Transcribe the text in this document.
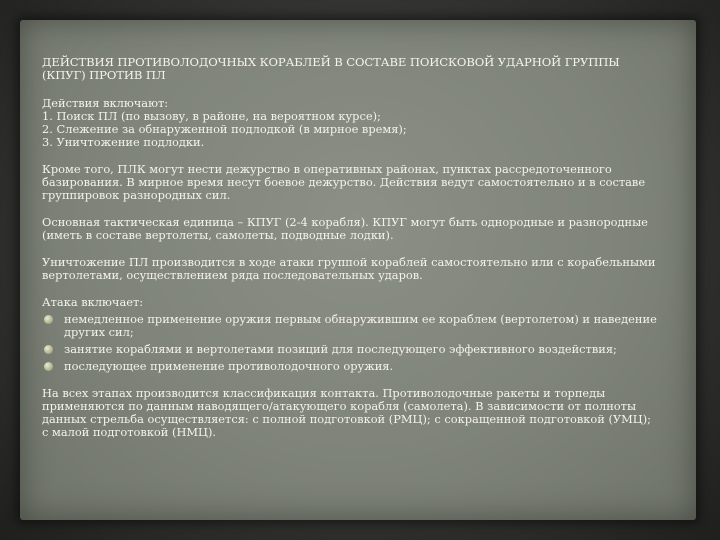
ДЕЙСТВИЯ ПРОТИВОЛОДОЧНЫХ КОРАБЛЕЙ В СОСТАВЕ ПОИСКОВОЙ УДАРНОЙ ГРУППЫ (КПУГ) ПРОТИВ ПЛ

Действия включают:
1. Поиск ПЛ (по вызову, в районе, на вероятном курсе);
2. Слежение за обнаруженной подлодкой (в мирное время);
3. Уничтожение подлодки.

Кроме того, ПЛК могут нести дежурство в оперативных районах, пунктах рассредоточенного базирования. В мирное время несут боевое дежурство. Действия ведут самостоятельно и в составе группировок разнородных сил.

Основная тактическая единица – КПУГ (2-4 корабля). КПУГ могут быть однородные и разнородные (иметь в составе вертолеты, самолеты, подводные лодки).

Уничтожение ПЛ производится в ходе атаки группой кораблей самостоятельно или с корабельными вертолетами, осуществлением ряда последовательных ударов.

Атака включает:
немедленное применение оружия первым обнаружившим ее кораблем (вертолетом) и наведение других сил;
занятие кораблями и вертолетами позиций для последующего эффективного воздействия;
последующее применение противолодочного оружия.

На всех этапах производится классификация контакта. Противолодочные ракеты и торпеды применяются по данным наводящего/атакующего корабля (самолета). В зависимости от полноты данных стрельба осуществляется: с полной подготовкой (РМЦ); с сокращенной подготовкой (УМЦ); с малой подготовкой (НМЦ).
